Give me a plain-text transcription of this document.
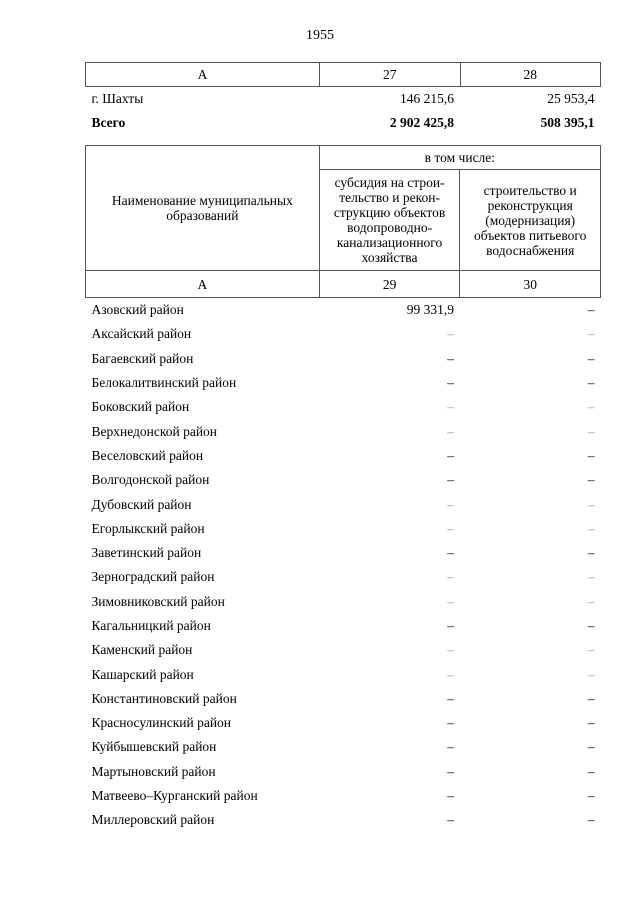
1955
А	27	28
г. Шахты	146 215,6	25 953,4
Всего	2 902 425,8	508 395,1
Наименование муниципальных образований	в том числе:	
	субсидия на строи-тельство и рекон-струкцию объектов водопроводно-канализационного хозяйства	строительство и реконструкция (модернизация) объектов питьевого водоснабжения
А	29	30
Азовский район	99 331,9	–
Аксайский район	–	–
Багаевский район	–	–
Белокалитвинский район	–	–
Боковский район	–	–
Верхнедонской район	–	–
Веселовский район	–	–
Волгодонской район	–	–
Дубовский район	–	–
Егорлыкский район	–	–
Заветинский район	–	–
Зерноградский район	–	–
Зимовниковский район	–	–
Кагальницкий район	–	–
Каменский район	–	–
Кашарский район	–	–
Константиновский район	–	–
Красносулинский район	–	–
Куйбышевский район	–	–
Мартыновский район	–	–
Матвеево–Курганский район	–	–
Миллеровский район	–	–
